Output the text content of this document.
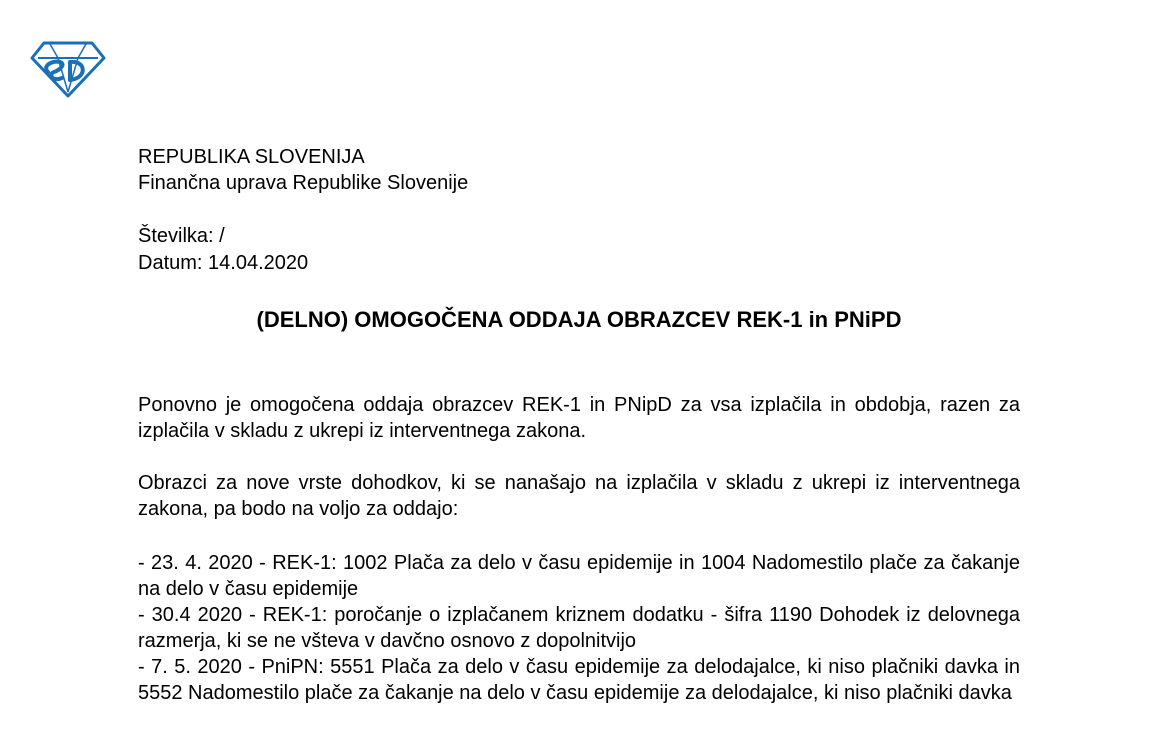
REPUBLIKA SLOVENIJA
Finančna uprava Republike Slovenije
Številka: /
Datum: 14.04.2020
(DELNO) OMOGOČENA ODDAJA OBRAZCEV REK-1 in PNiPD
Ponovno je omogočena oddaja obrazcev REK-1 in PNipD za vsa izplačila in obdobja, razen za izplačila v skladu z ukrepi iz interventnega zakona.
Obrazci za nove vrste dohodkov, ki se nanašajo na izplačila v skladu z ukrepi iz interventnega zakona, pa bodo na voljo za oddajo:
- 23. 4. 2020 - REK-1: 1002 Plača za delo v času epidemije in 1004 Nadomestilo plače za čakanje na delo v času epidemije
- 30.4 2020 - REK-1: poročanje o izplačanem kriznem dodatku - šifra 1190 Dohodek iz delovnega razmerja, ki se ne všteva v davčno osnovo z dopolnitvijo
- 7. 5. 2020 - PniPN: 5551 Plača za delo v času epidemije za delodajalce, ki niso plačniki davka in 5552 Nadomestilo plače za čakanje na delo v času epidemije za delodajalce, ki niso plačniki davka
